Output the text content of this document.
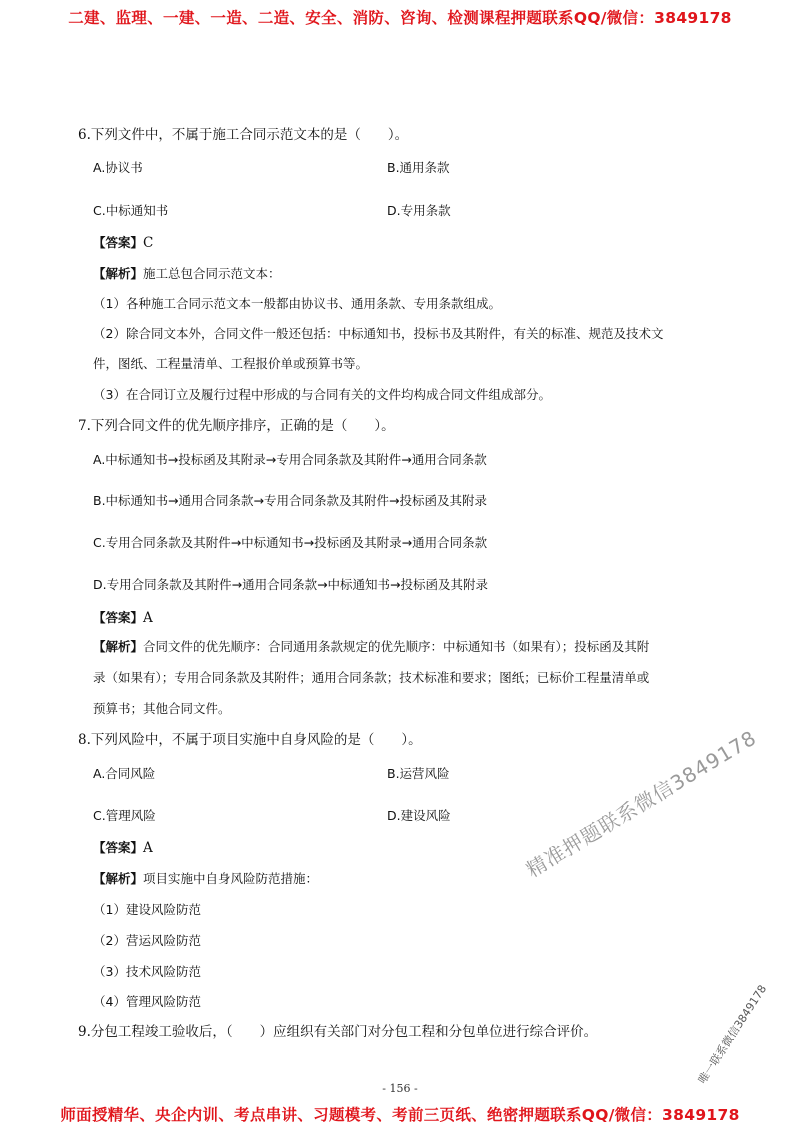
二建、监理、一建、一造、二造、安全、消防、咨询、检测课程押题联系QQ/微信：3849178
6.下列文件中，不属于施工合同示范文本的是（　　）。
A.协议书	B.通用条款
C.中标通知书	D.专用条款
【答案】C
【解析】施工总包合同示范文本：
（1）各种施工合同示范文本一般都由协议书、通用条款、专用条款组成。
（2）除合同文本外，合同文件一般还包括：中标通知书，投标书及其附件，有关的标准、规范及技术文
件，图纸、工程量清单、工程报价单或预算书等。
（3）在合同订立及履行过程中形成的与合同有关的文件均构成合同文件组成部分。
7.下列合同文件的优先顺序排序，正确的是（　　）。
A.中标通知书→投标函及其附录→专用合同条款及其附件→通用合同条款
B.中标通知书→通用合同条款→专用合同条款及其附件→投标函及其附录
C.专用合同条款及其附件→中标通知书→投标函及其附录→通用合同条款
D.专用合同条款及其附件→通用合同条款→中标通知书→投标函及其附录
【答案】A
【解析】合同文件的优先顺序：合同通用条款规定的优先顺序：中标通知书（如果有）；投标函及其附
录（如果有）；专用合同条款及其附件；通用合同条款；技术标准和要求；图纸；已标价工程量清单或
预算书；其他合同文件。
8.下列风险中，不属于项目实施中自身风险的是（　　）。
A.合同风险	B.运营风险
C.管理风险	D.建设风险
【答案】A
【解析】项目实施中自身风险防范措施：
（1）建设风险防范
（2）营运风险防范
（3）技术风险防范
（4）管理风险防范
9.分包工程竣工验收后，（　　）应组织有关部门对分包工程和分包单位进行综合评价。
- 156 -
精准押题联系微信3849178
唯一联系微信3849178
师面授精华、央企内训、考点串讲、习题模考、考前三页纸、绝密押题联系QQ/微信：3849178
